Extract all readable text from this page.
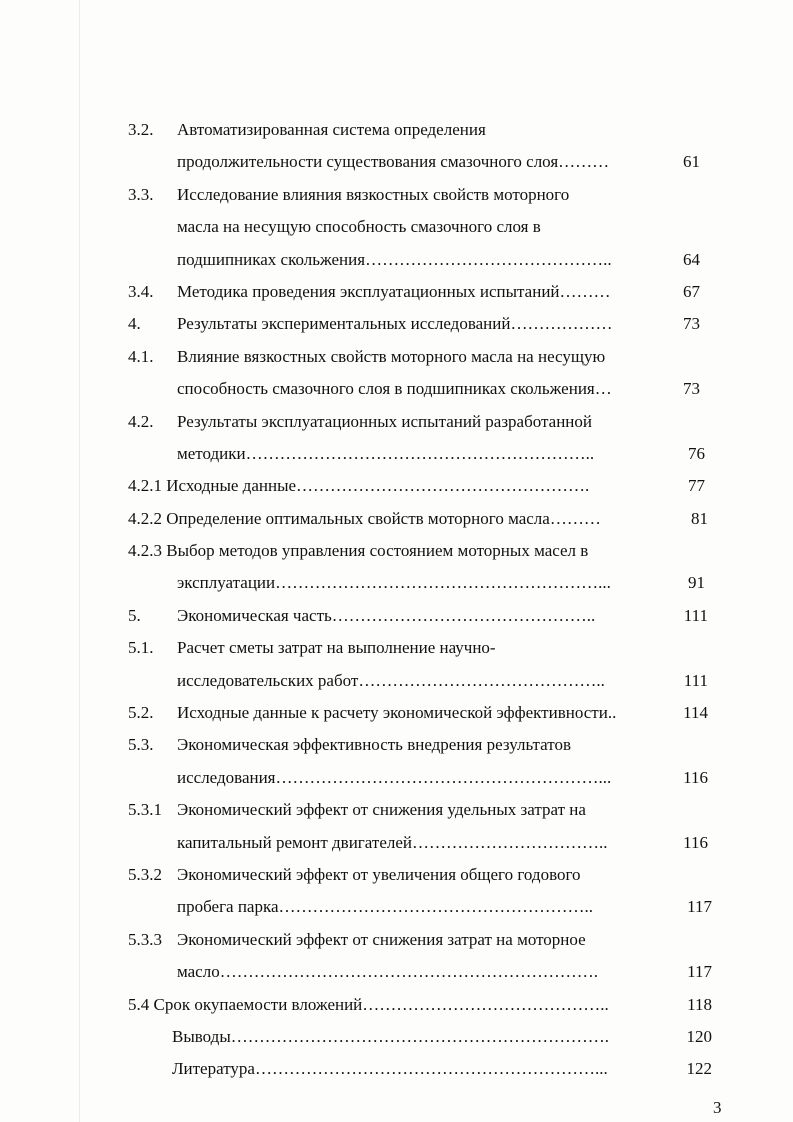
3.2. Автоматизированная система определения
продолжительности существования смазочного слоя………	61
3.3. Исследование влияния вязкостных свойств моторного
масла на несущую способность смазочного слоя в
подшипниках скольжения……………………………………..	64
3.4. Методика проведения эксплуатационных испытаний………	67
4. Результаты экспериментальных исследований………………	73
4.1. Влияние вязкостных свойств моторного масла на несущую
способность смазочного слоя в подшипниках скольжения…	73
4.2. Результаты эксплуатационных испытаний разработанной
методики……………………………………………………..	76
4.2.1 Исходные данные…………………………………………….	77
4.2.2 Определение оптимальных свойств моторного масла………	81
4.2.3 Выбор методов управления состоянием моторных масел в
эксплуатации…………………………………………………...	91
5. Экономическая часть………………………………………..	111
5.1. Расчет сметы затрат на выполнение научно-
исследовательских работ……………………………………..	111
5.2. Исходные данные к расчету экономической эффективности..	114
5.3. Экономическая эффективность внедрения результатов
исследования…………………………………………………...	116
5.3.1 Экономический эффект от снижения удельных затрат на
капитальный ремонт двигателей……………………………..	116
5.3.2 Экономический эффект от увеличения общего годового
пробега парка………………………………………………..	117
5.3.3 Экономический эффект от снижения затрат на моторное
масло………………………………………………………….	117
5.4 Срок окупаемости вложений……………………………………..	118
Выводы………………………………………………………….	120
Литература……………………………………………………...	122
3
